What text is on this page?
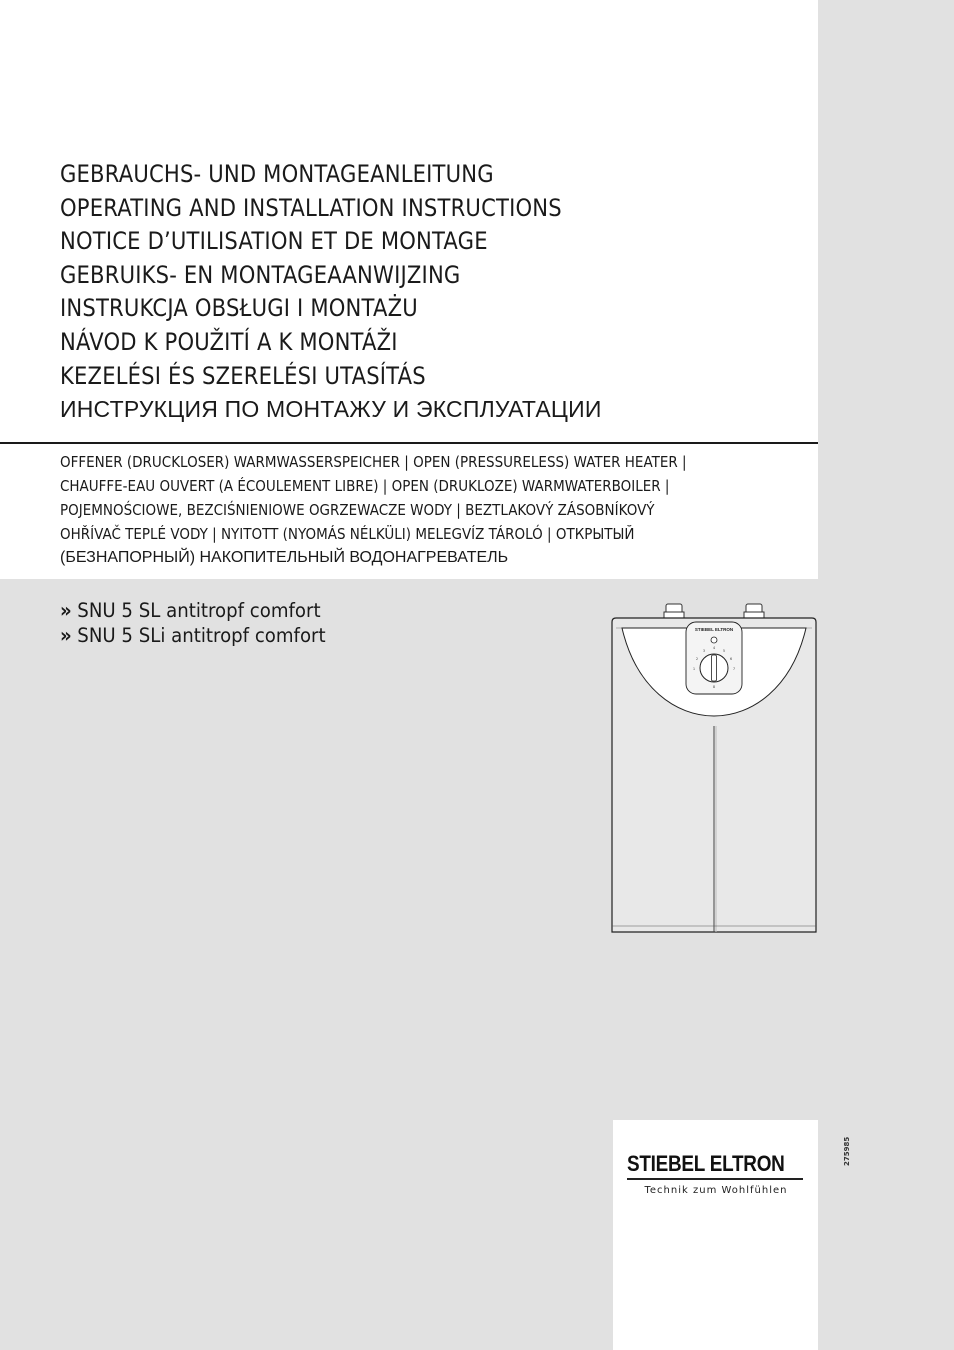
275985
GEBRAUCHS- UND MONTAGEANLEITUNG
OPERATING AND INSTALLATION INSTRUCTIONS
NOTICE D’UTILISATION ET DE MONTAGE
GEBRUIKS- EN MONTAGEAANWIJZING
INSTRUKCJA OBSŁUGI I MONTAŻU
NÁVOD K POUŽITÍ A K MONTÁŽI
KEZELÉSI ÉS SZERELÉSI UTASÍTÁS
ИНСТРУКЦИЯ ПО МОНТАЖУ И ЭКСПЛУАТАЦИИ
OFFENER (DRUCKLOSER) WARMWASSERSPEICHER | OPEN (PRESSURELESS) WATER HEATER |
CHAUFFE-EAU OUVERT (A ÉCOULEMENT LIBRE) | OPEN (DRUKLOZE) WARMWATERBOILER |
POJEMNOŚCIOWE, BEZCIŚNIENIOWE OGRZEWACZE WODY | BEZTLAKOVÝ ZÁSOBNÍKOVÝ
OHŘÍVAČ TEPLÉ VODY | NYITOTT (NYOMÁS NÉLKÜLI) MELEGVÍZ TÁROLÓ | ОТКРЫТЫЙ
(БЕЗНАПОРНЫЙ) НАКОПИТЕЛЬНЫЙ ВОДОНАГРЕВАТЕЛЬ
» SNU 5 SL antitropf comfort
» SNU 5 SLi antitropf comfort	STIEBEL ELTRON
1
2
3
4
5
6
7
8
STIEBEL ELTRON
Technik zum Wohlfühlen
